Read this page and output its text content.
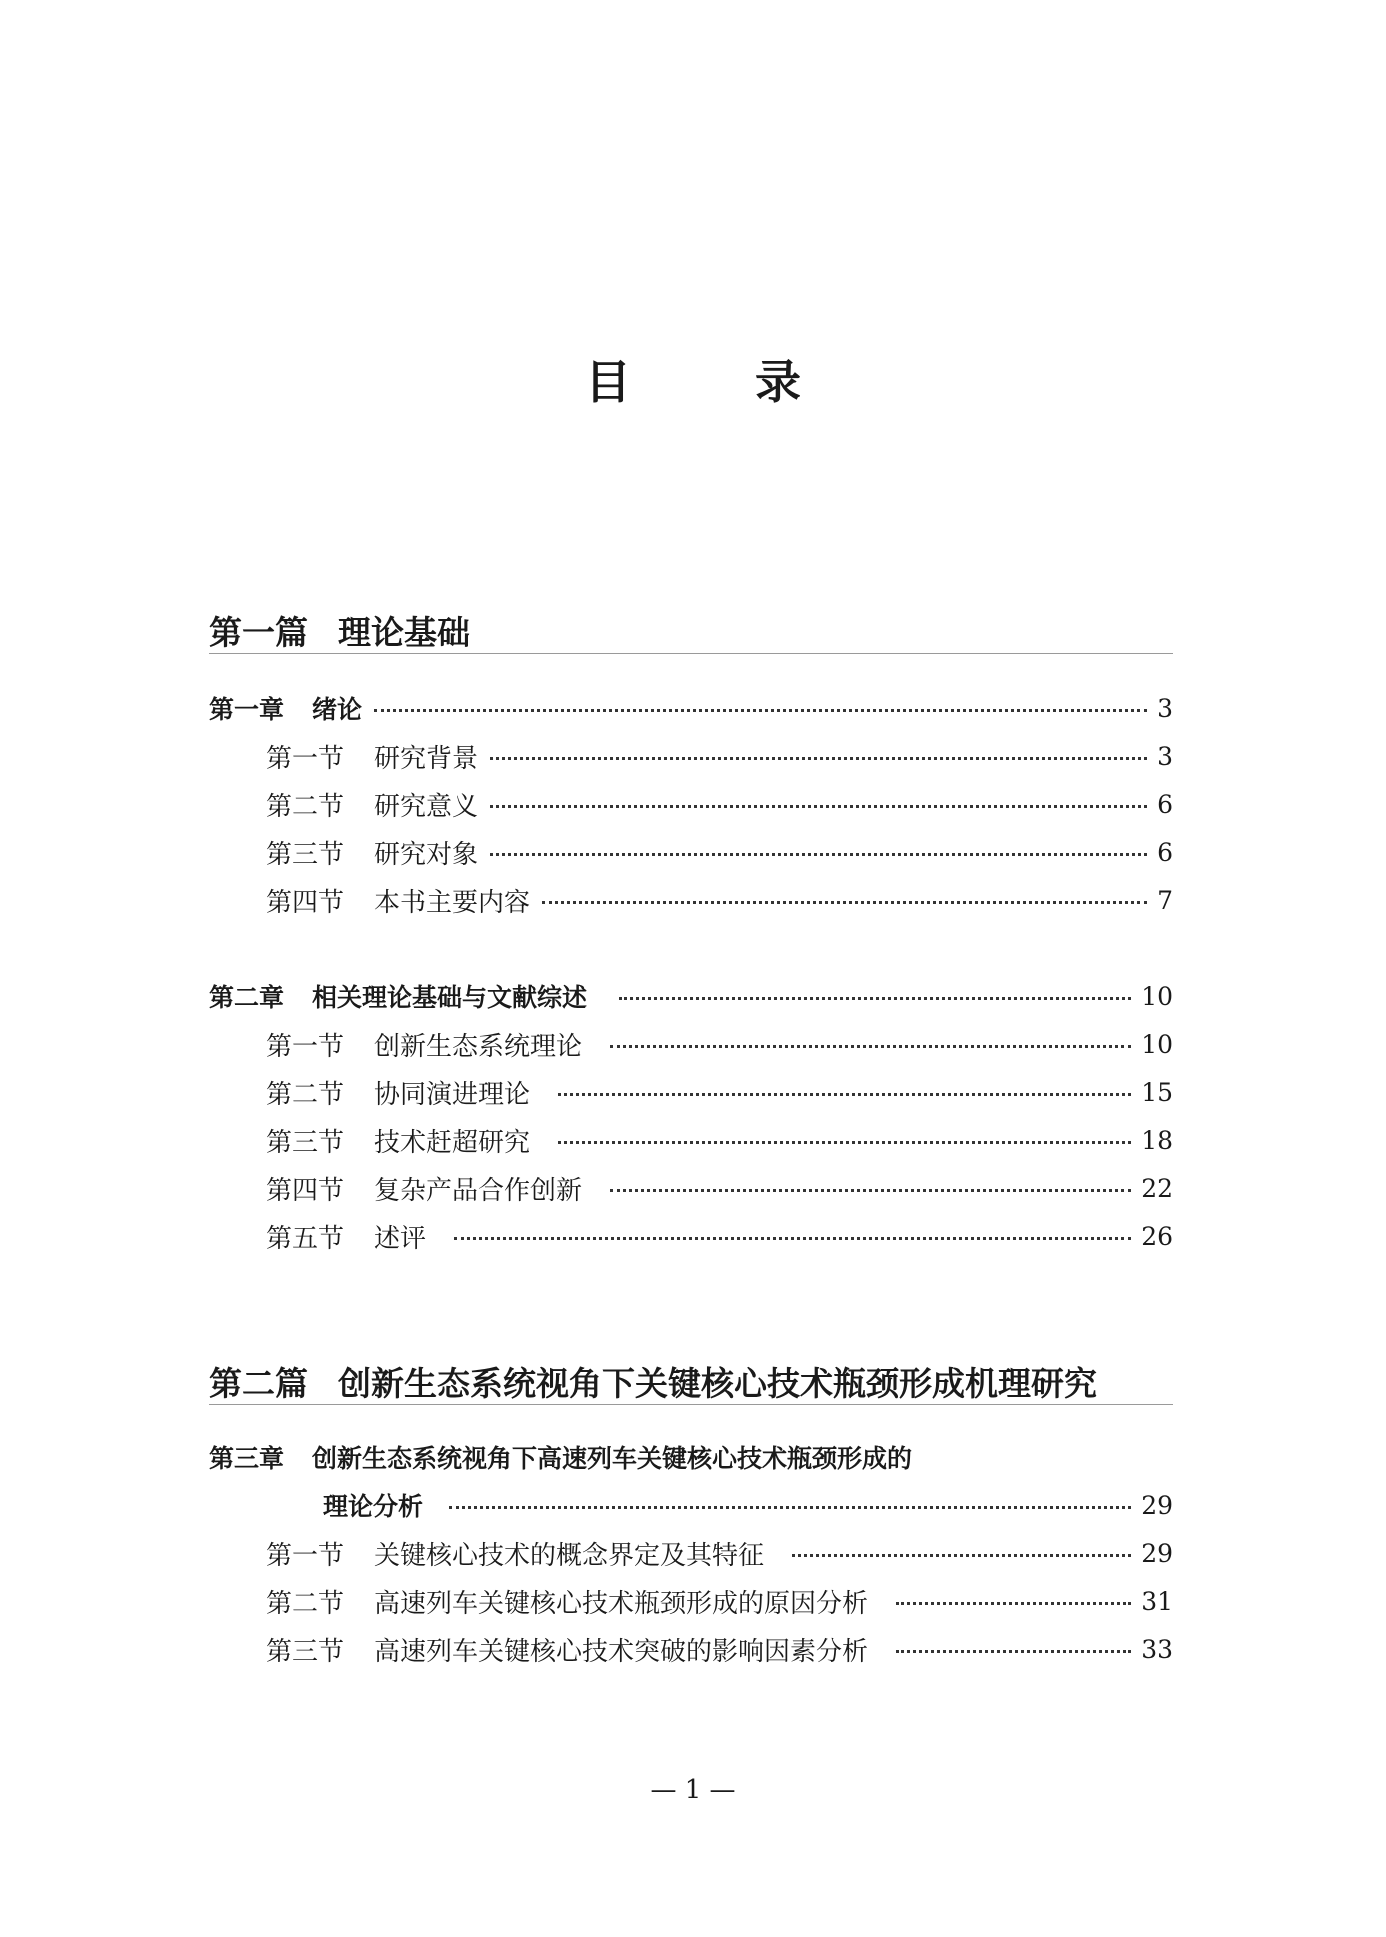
目 录
第一篇 理论基础
第一章 绪论	3
第一节 研究背景	3
第二节 研究意义	6
第三节 研究对象	6
第四节 本书主要内容	7
第二章 相关理论基础与文献综述	10
第一节 创新生态系统理论	10
第二节 协同演进理论	15
第三节 技术赶超研究	18
第四节 复杂产品合作创新	22
第五节 述评	26
第二篇 创新生态系统视角下关键核心技术瓶颈形成机理研究
第三章 创新生态系统视角下高速列车关键核心技术瓶颈形成的
理论分析	29
第一节 关键核心技术的概念界定及其特征	29
第二节 高速列车关键核心技术瓶颈形成的原因分析	31
第三节 高速列车关键核心技术突破的影响因素分析	33
— 1 —
